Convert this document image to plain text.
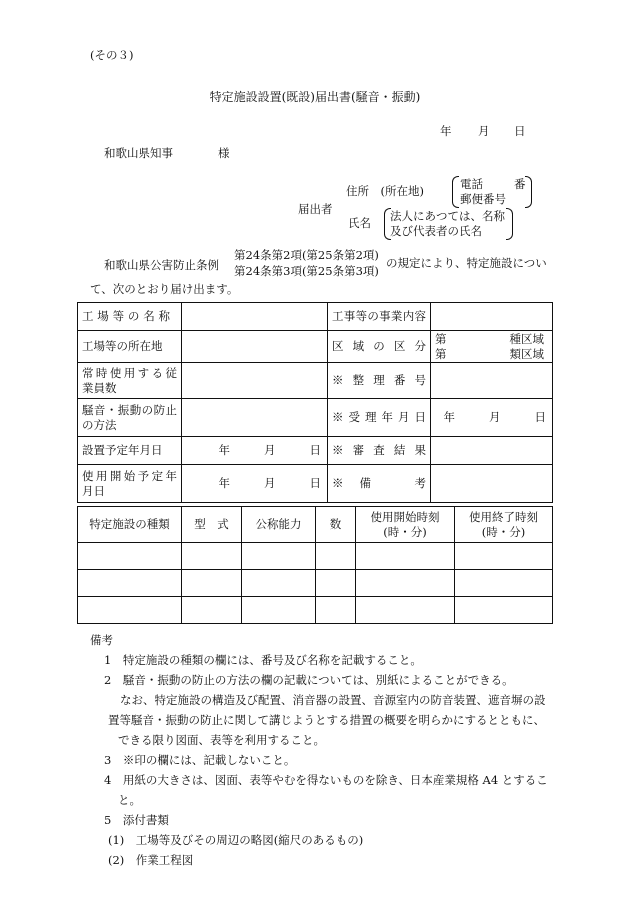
(その３)
特定施設設置(既設)届出書(騒音・振動)
年 月 日
和歌山県知事	様
住所　(所在地)	電話	番
郵便番号
届出者
氏名 法人にあつては、名称
及び代表者の氏名
和歌山県公害防止条例
第24条第2項(第25条第2項)
第24条第3項(第25条第3項)
の規定により、特定施設につい
て、次のとおり届け出ます。
工場等の名称		工事等の事業内容	

工場等の所在地		区域の区分	第 種区域
第 類区域

常時使用する従
業員数		※整理番号	

騒音・振動の防止
の方法		※受理年月日	年 月 日

設置予定年月日	年 月 日	※審査結果	

使用開始予定年
月日	年 月 日	※備　考	

特定施設の種類	型　式	公称能力	数	使用開始時刻
(時・分)	使用終了時刻
(時・分)

備考
1　特定施設の種類の欄には、番号及び名称を記載すること。
2　騒音・振動の防止の方法の欄の記載については、別紙によることができる。
なお、特定施設の構造及び配置、消音器の設置、音源室内の防音装置、遮音塀の設
置等騒音・振動の防止に関して講じようとする措置の概要を明らかにするとともに、
できる限り図面、表等を利用すること。
3　※印の欄には、記載しないこと。
4　用紙の大きさは、図面、表等やむを得ないものを除き、日本産業規格 A4 とするこ
と。
5　添付書類
(1)　工場等及びその周辺の略図(縮尺のあるもの)
(2)　作業工程図
